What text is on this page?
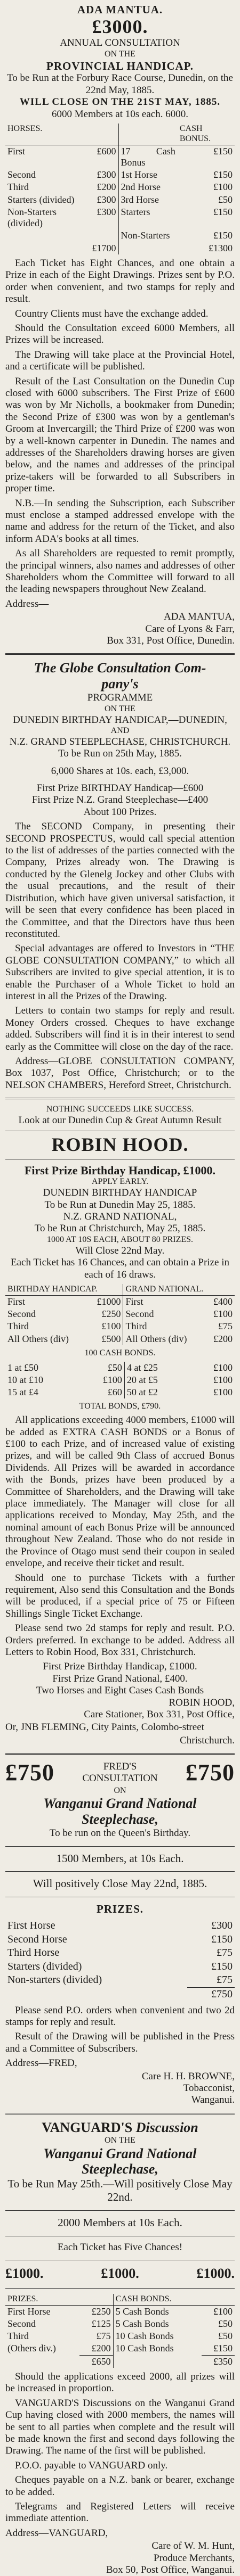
ADA MANTUA.
£3000.
ANNUAL CONSULTATION
ON THE
PROVINCIAL HANDICAP.
To be Run at the Forbury Race Course, Dunedin, on the 22nd May, 1885.
WILL CLOSE ON THE 21ST MAY, 1885.
6000 Members at 10s each. 6000.
HORSES.			CASH BONUS.
First	£600	17 Cash Bonus	£150
Second	£300	1st Horse	£150
Third	£200	2nd Horse	£100
Starters (divided)	£300	3rd Horse	£50
Non-Starters (divided)	£300	Starters	£150
		Non-Starters	£150
	£1700		£1300

Each Ticket has Eight Chances, and one obtain a Prize in each of the Eight Drawings. Prizes sent by P.O. order when convenient, and two stamps for reply and result.

Country Clients must have the exchange added.

Should the Consultation exceed 6000 Members, all Prizes will be increased.

The Drawing will take place at the Provincial Hotel, and a certificate will be published.

Result of the Last Consultation on the Dunedin Cup closed with 6000 subscribers. The First Prize of £600 was won by Mr Nicholls, a bookmaker from Dunedin; the Second Prize of £300 was won by a gentleman's Groom at Invercargill; the Third Prize of £200 was won by a well-known carpenter in Dunedin. The names and addresses of the Shareholders drawing horses are given below, and the names and addresses of the principal prize-takers will be forwarded to all Subscribers in proper time.

N.B.—In sending the Subscription, each Subscriber must enclose a stamped addressed envelope with the name and address for the return of the Ticket, and also inform ADA's books at all times.

As all Shareholders are requested to remit promptly, the principal winners, also names and addresses of other Shareholders whom the Committee will forward to all the leading newspapers throughout New Zealand.

Address—
ADA MANTUA,
Care of Lyons & Farr,
Box 331, Post Office, Dunedin.
The Globe Consultation Com-
pany's
PROGRAMME
ON THE
DUNEDIN BIRTHDAY HANDICAP,—DUNEDIN,
AND
N.Z. GRAND STEEPLECHASE, CHRISTCHURCH.
To be Run on 25th May, 1885.
6,000 Shares at 10s. each, £3,000.
First Prize BIRTHDAY Handicap—£600
First Prize N.Z. Grand Steeplechase—£400
About 100 Prizes.

The SECOND Company, in presenting their SECOND PROSPECTUS, would call special attention to the list of addresses of the parties connected with the Company, Prizes already won. The Drawing is conducted by the Glenelg Jockey and other Clubs with the usual precautions, and the result of their Distribution, which have given universal satisfaction, it will be seen that every confidence has been placed in the Committee, and that the Directors have thus been reconstituted.

Special advantages are offered to Investors in “THE GLOBE CONSULTATION COMPANY,” to which all Subscribers are invited to give special attention, it is to enable the Purchaser of a Whole Ticket to hold an interest in all the Prizes of the Drawing.

Letters to contain two stamps for reply and result. Money Orders crossed. Cheques to have exchange added. Subscribers will find it is in their interest to send early as the Committee will close on the day of the race.

Address—GLOBE CONSULTATION COMPANY, Box 1037, Post Office, Christchurch; or to the NELSON CHAMBERS, Hereford Street, Christchurch.

NOTHING SUCCEEDS LIKE SUCCESS.
Look at our Dunedin Cup & Great Autumn Result
ROBIN HOOD.
First Prize Birthday Handicap, £1000.
APPLY EARLY.
DUNEDIN BIRTHDAY HANDICAP
To be Run at Dunedin May 25, 1885.
N.Z. GRAND NATIONAL,
To be Run at Christchurch, May 25, 1885.
1000 AT 10S EACH, ABOUT 80 PRIZES.
Will Close 22nd May.
Each Ticket has 16 Chances, and can obtain a Prize in each of 16 draws.
BIRTHDAY HANDICAP.		GRAND NATIONAL.	
First	£1000	First	£400
Second	£250	Second	£100
Third	£100	Third	£75
All Others (div)	£500	All Others (div)	£200
100 CASH BONDS.
1 at £50	£50	4 at £25	£100
10 at £10	£100	20 at £5	£100
15 at £4	£60	50 at £2	£100
TOTAL BONDS, £790.

All applications exceeding 4000 members, £1000 will be added as EXTRA CASH BONDS or a Bonus of £100 to each Prize, and of increased value of existing prizes, and will be called 9th Class of accrued Bonus Dividends. All Prizes will be awarded in accordance with the Bonds, prizes have been produced by a Committee of Shareholders, and the Drawing will take place immediately. The Manager will close for all applications received to Monday, May 25th, and the nominal amount of each Bonus Prize will be announced throughout New Zealand. Those who do not reside in the Province of Otago must send their coupon in sealed envelope, and receive their ticket and result.

Should one to purchase Tickets with a further requirement, Also send this Consultation and the Bonds will be produced, if a special price of 75 or Fifteen Shillings Single Ticket Exchange.

Please send two 2d stamps for reply and result. P.O. Orders preferred. In exchange to be added. Address all Letters to Robin Hood, Box 331, Christchurch.

First Prize Birthday Handicap, £1000.
First Prize Grand National, £400.
Two Horses and Eight Cases Cash Bonds
ROBIN HOOD,
Care Stationer, Box 331, Post Office,
Or, JNB FLEMING, City Paints, Colombo-street
Christchurch.
£750	FRED'S
CONSULTATION £750
ON
Wanganui Grand National
Steeplechase,
To be run on the Queen's Birthday.
1500 Members, at 10s Each.
Will positively Close May 22nd, 1885.
PRIZES.
First Horse	£300
Second Horse	£150
Third Horse	£75
Starters (divided)	£150
Non-starters (divided)	£75
	£750

Please send P.O. orders when convenient and two 2d stamps for reply and result.

Result of the Drawing will be published in the Press and a Committee of Subscribers.

Address—FRED,
Care H. H. BROWNE,
Tobacconist,
Wanganui.
VANGUARD'S Discussion
ON THE
Wanganui Grand National
Steeplechase,
To be Run May 25th.—Will positively Close May 22nd.
2000 Members at 10s Each.
Each Ticket has Five Chances!
£1000.	£1000.	£1000.
PRIZES.		CASH BONDS.	
First Horse	£250	5 Cash Bonds	£100
Second	£125	5 Cash Bonds	£50
Third	£75	10 Cash Bonds	£50
(Others div.)	£200	10 Cash Bonds	£150
	£650		£350

Should the applications exceed 2000, all prizes will be increased in proportion.

VANGUARD'S Discussions on the Wanganui Grand Cup having closed with 2000 members, the names will be sent to all parties when complete and the result will be made known the first and second days following the Drawing. The name of the first will be published.

P.O.O. payable to VANGUARD only.

Cheques payable on a N.Z. bank or bearer, exchange to be added.

Telegrams and Registered Letters will receive immediate attention.

Address—VANGUARD,
Care of W. M. Hunt,
Produce Merchants,
Box 50, Post Office, Wanganui.
